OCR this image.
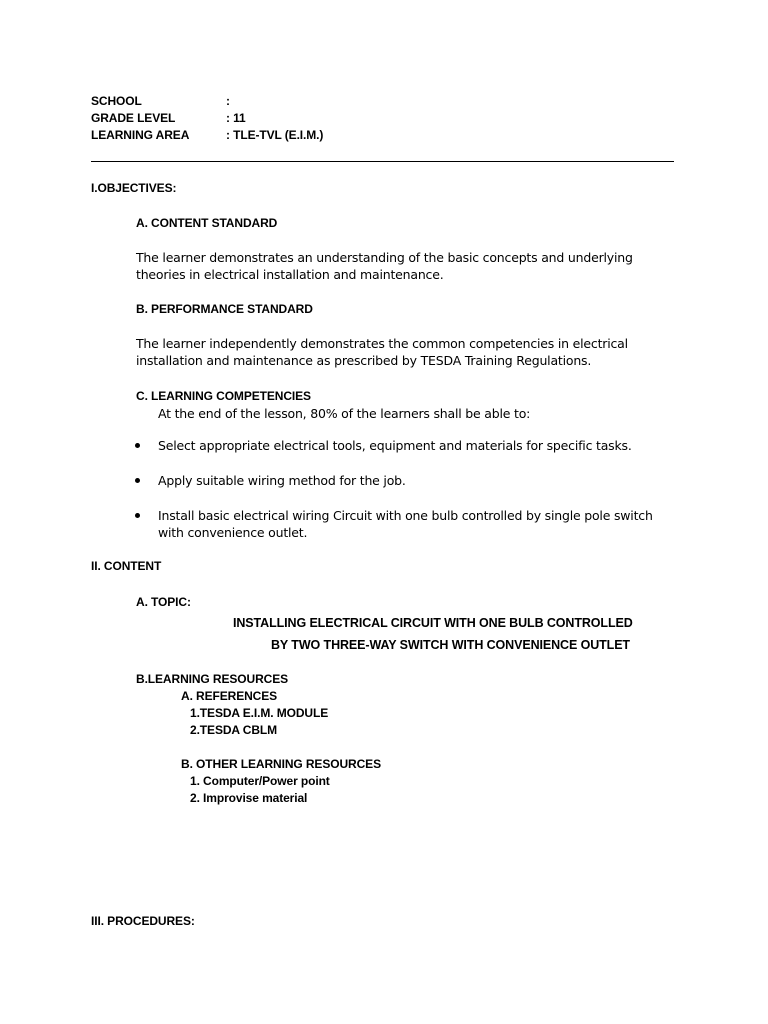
SCHOOL	:
GRADE LEVEL	: 11
LEARNING AREA	: TLE-TVL (E.I.M.)
I.OBJECTIVES:
A. CONTENT STANDARD
The learner demonstrates an understanding of the basic concepts and underlying
theories in electrical installation and maintenance.
B. PERFORMANCE STANDARD
The learner independently demonstrates the common competencies in electrical
installation and maintenance as prescribed by TESDA Training Regulations.
C. LEARNING COMPETENCIES
At the end of the lesson, 80% of the learners shall be able to:
Select appropriate electrical tools, equipment and materials for specific tasks.
Apply suitable wiring method for the job.
Install basic electrical wiring Circuit with one bulb controlled by single pole switch
with convenience outlet.
II. CONTENT
A. TOPIC:
INSTALLING ELECTRICAL CIRCUIT WITH ONE BULB CONTROLLED
BY TWO THREE-WAY SWITCH WITH CONVENIENCE OUTLET
B.LEARNING RESOURCES
A. REFERENCES
1.TESDA E.I.M. MODULE
2.TESDA CBLM
B. OTHER LEARNING RESOURCES
1. Computer/Power point
2. Improvise material
III. PROCEDURES:
